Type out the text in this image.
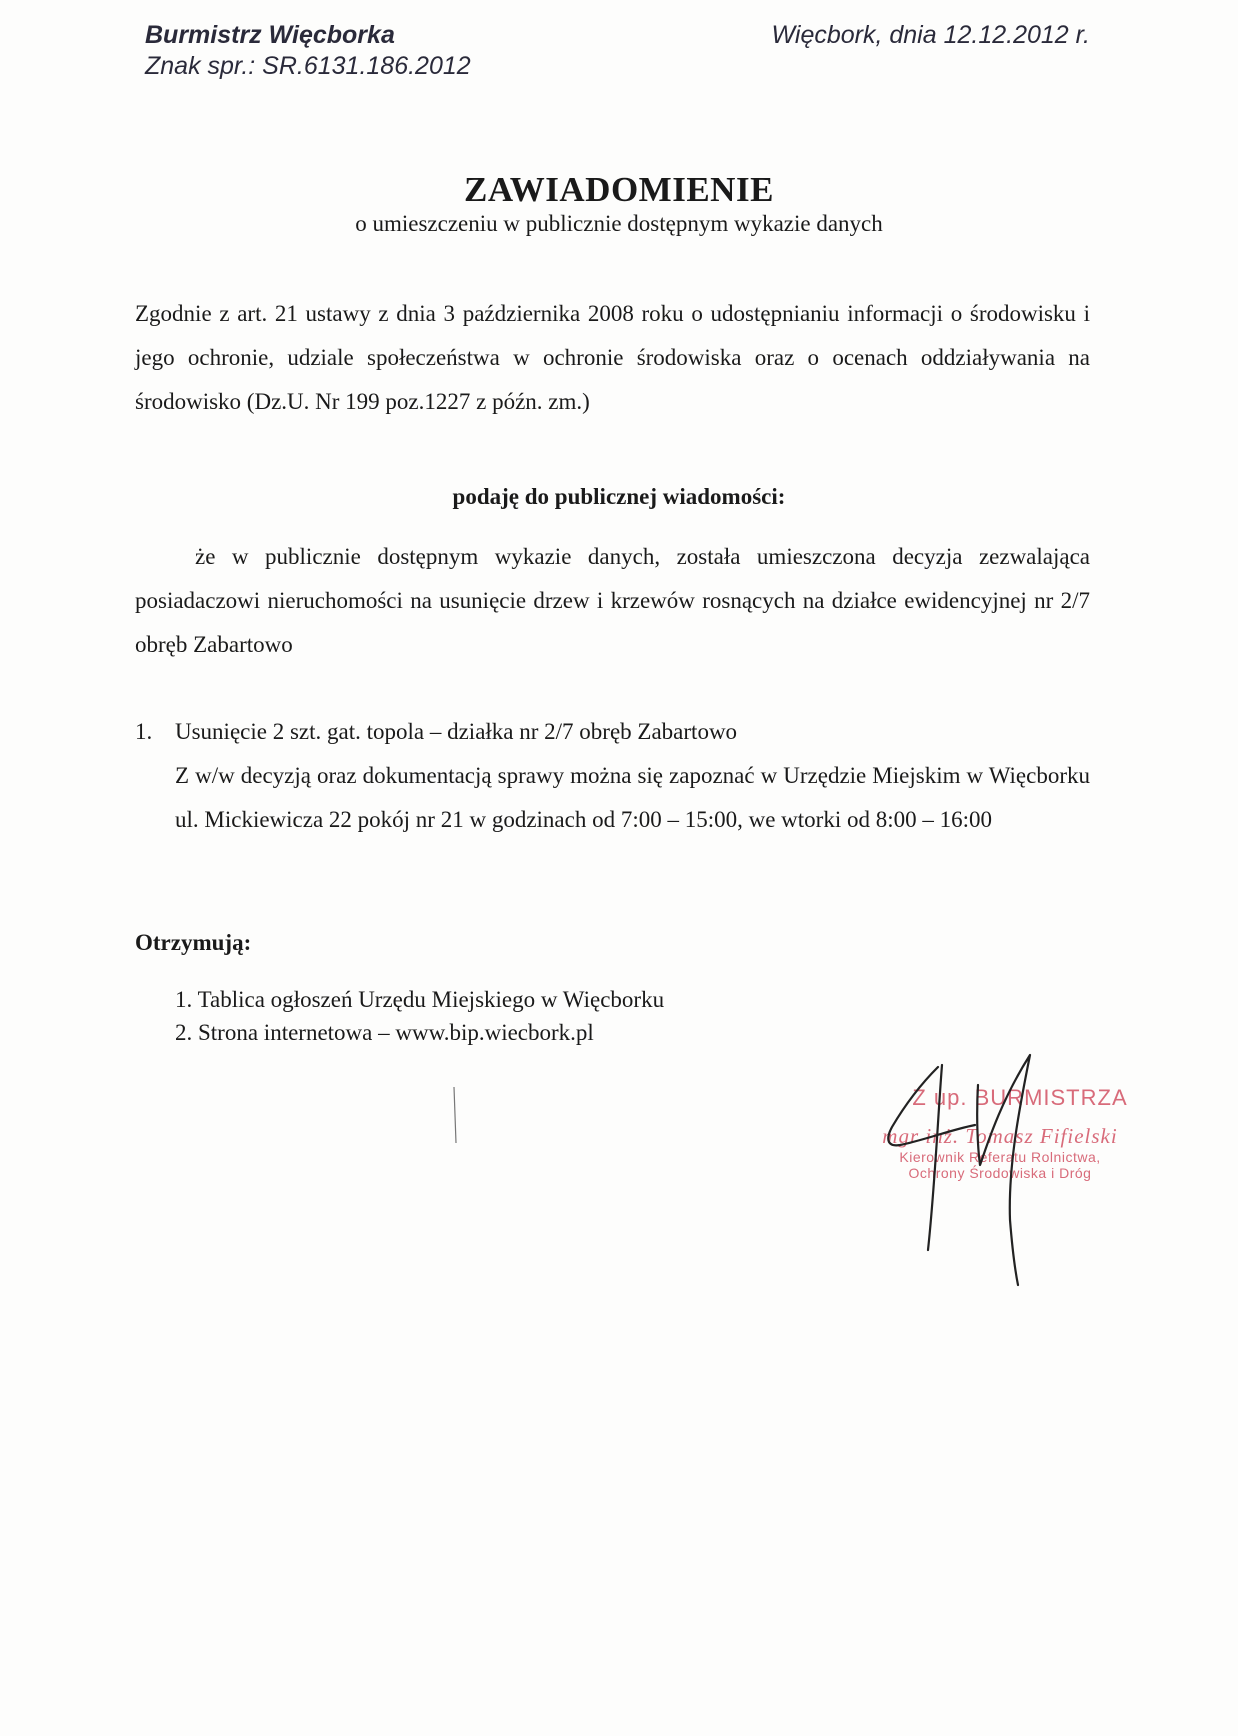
Burmistrz Więcborka
Znak spr.: SR.6131.186.2012
Więcbork, dnia 12.12.2012 r.
ZAWIADOMIENIE
o umieszczeniu w publicznie dostępnym wykazie danych
Zgodnie z art. 21 ustawy z dnia 3 października 2008 roku o udostępnianiu informacji o środowisku i jego ochronie, udziale społeczeństwa w ochronie środowiska oraz o ocenach oddziaływania na środowisko (Dz.U. Nr 199 poz.1227 z późn. zm.)
podaję do publicznej wiadomości:
że w publicznie dostępnym wykazie danych, została umieszczona decyzja zezwalająca posiadaczowi nieruchomości na usunięcie drzew i krzewów rosnących na działce ewidencyjnej nr 2/7 obręb Zabartowo
1. Usunięcie 2 szt. gat. topola – działka nr 2/7 obręb Zabartowo
Z w/w decyzją oraz dokumentacją sprawy można się zapoznać w Urzędzie Miejskim w Więcborku ul. Mickiewicza 22 pokój nr 21 w godzinach od 7:00 – 15:00, we wtorki od 8:00 – 16:00
Otrzymują:
1. Tablica ogłoszeń Urzędu Miejskiego w Więcborku
2. Strona internetowa – www.bip.wiecbork.pl
Z up. BURMISTRZA
mgr inż. Tomasz Fifielski
Kierownik Referatu Rolnictwa,
Ochrony Środowiska i Dróg
